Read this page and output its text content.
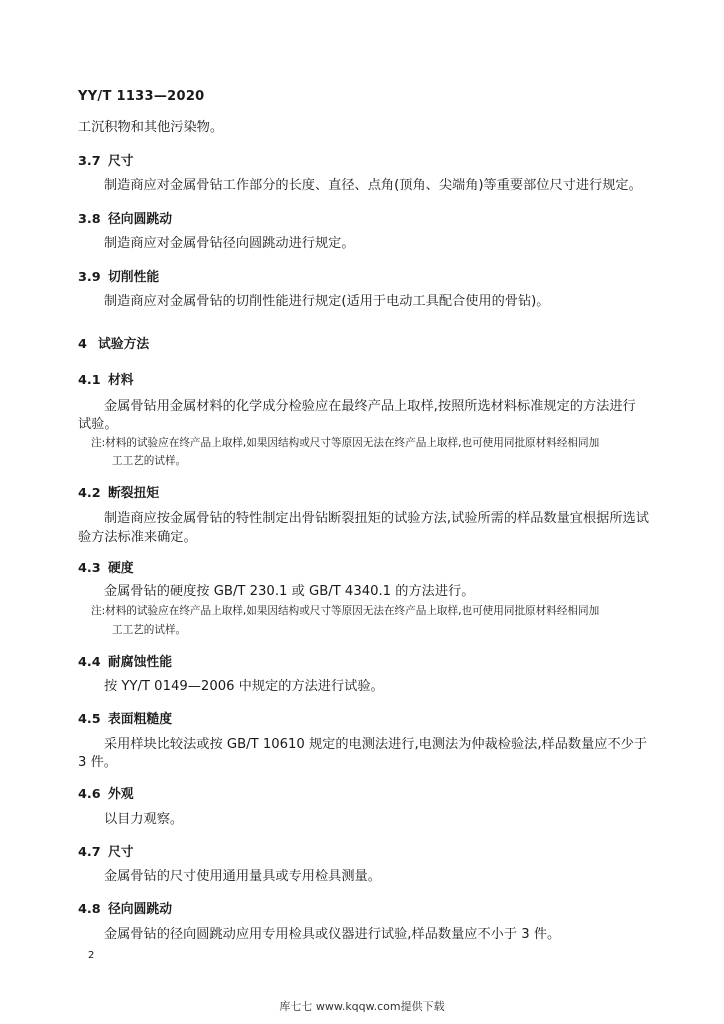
YY/T 1133—2020
工沉积物和其他污染物。
3.7 尺寸
制造商应对金属骨钻工作部分的长度、直径、点角(顶角、尖端角)等重要部位尺寸进行规定。
3.8 径向圆跳动
制造商应对金属骨钻径向圆跳动进行规定。
3.9 切削性能
制造商应对金属骨钻的切削性能进行规定(适用于电动工具配合使用的骨钻)。
4 试验方法
4.1 材料
金属骨钻用金属材料的化学成分检验应在最终产品上取样,按照所选材料标准规定的方法进行
试验。
注:材料的试验应在终产品上取样,如果因结构或尺寸等原因无法在终产品上取样,也可使用同批原材料经相同加
工工艺的试样。
4.2 断裂扭矩
制造商应按金属骨钻的特性制定出骨钻断裂扭矩的试验方法,试验所需的样品数量宜根据所选试
验方法标准来确定。
4.3 硬度
金属骨钻的硬度按 GB/T 230.1 或 GB/T 4340.1 的方法进行。
注:材料的试验应在终产品上取样,如果因结构或尺寸等原因无法在终产品上取样,也可使用同批原材料经相同加
工工艺的试样。
4.4 耐腐蚀性能
按 YY/T 0149—2006 中规定的方法进行试验。
4.5 表面粗糙度
采用样块比较法或按 GB/T 10610 规定的电测法进行,电测法为仲裁检验法,样品数量应不少于
3 件。
4.6 外观
以目力观察。
4.7 尺寸
金属骨钻的尺寸使用通用量具或专用检具测量。
4.8 径向圆跳动
金属骨钻的径向圆跳动应用专用检具或仪器进行试验,样品数量应不小于 3 件。
2
库七七 www.kqqw.com提供下载
